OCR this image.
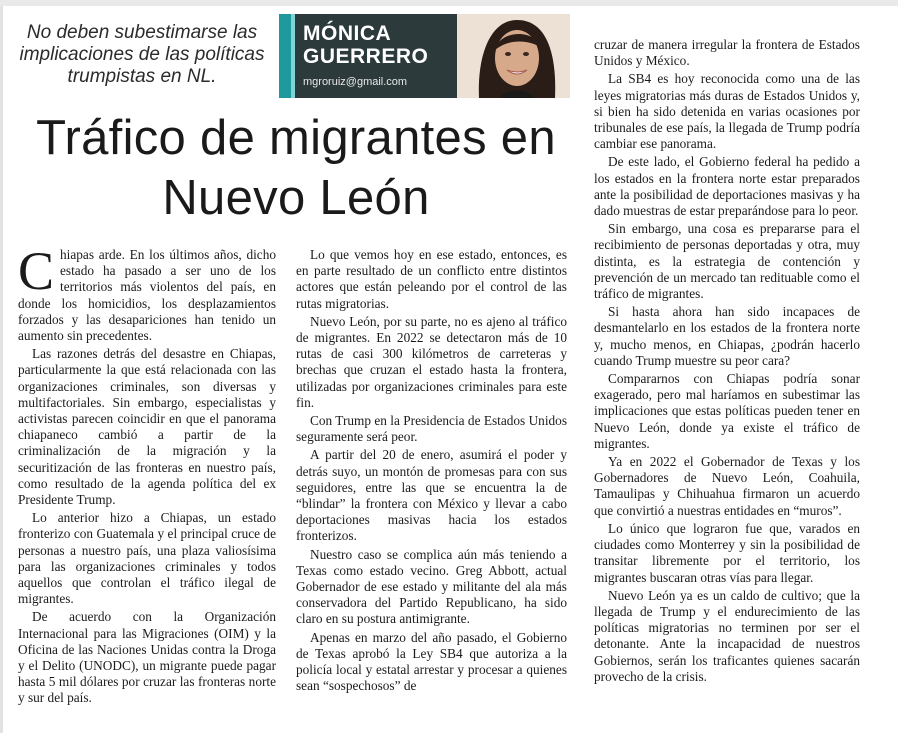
No deben subestimarse las implicaciones de las políticas trumpistas en NL.
MÓNICA GUERRERO
mgroruiz@gmail.com
Tráfico de migrantes en Nuevo León

Chiapas arde. En los últimos años, dicho estado ha pasado a ser uno de los territorios más violentos del país, en donde los homicidios, los desplazamientos forzados y las desapariciones han tenido un aumento sin precedentes.

Las razones detrás del desastre en Chiapas, particularmente la que está relacionada con las organizaciones criminales, son diversas y multifactoriales. Sin embargo, especialistas y activistas parecen coincidir en que el panorama chiapaneco cambió a partir de la criminalización de la migración y la securitización de las fronteras en nuestro país, como resultado de la agenda política del ex Presidente Trump.

Lo anterior hizo a Chiapas, un estado fronterizo con Guatemala y el principal cruce de personas a nuestro país, una plaza valiosísima para las organizaciones criminales y todos aquellos que controlan el tráfico ilegal de migrantes.

De acuerdo con la Organización Internacional para las Migraciones (OIM) y la Oficina de las Naciones Unidas contra la Droga y el Delito (UNODC), un migrante puede pagar hasta 5 mil dólares por cruzar las fronteras norte y sur del país.

Lo que vemos hoy en ese estado, entonces, es en parte resultado de un conflicto entre distintos actores que están peleando por el control de las rutas migratorias.

Nuevo León, por su parte, no es ajeno al tráfico de migrantes. En 2022 se detectaron más de 10 rutas de casi 300 kilómetros de carreteras y brechas que cruzan el estado hasta la frontera, utilizadas por organizaciones criminales para este fin.

Con Trump en la Presidencia de Estados Unidos seguramente será peor.

A partir del 20 de enero, asumirá el poder y detrás suyo, un montón de promesas para con sus seguidores, entre las que se encuentra la de “blindar” la frontera con México y llevar a cabo deportaciones masivas hacia los estados fronterizos.

Nuestro caso se complica aún más teniendo a Texas como estado vecino. Greg Abbott, actual Gobernador de ese estado y militante del ala más conservadora del Partido Republicano, ha sido claro en su postura antimigrante.

Apenas en marzo del año pasado, el Gobierno de Texas aprobó la Ley SB4 que autoriza a la policía local y estatal arrestar y procesar a quienes sean “sospechosos” de

cruzar de manera irregular la frontera de Estados Unidos y México.

La SB4 es hoy reconocida como una de las leyes migratorias más duras de Estados Unidos y, si bien ha sido detenida en varias ocasiones por tribunales de ese país, la llegada de Trump podría cambiar ese panorama.

De este lado, el Gobierno federal ha pedido a los estados en la frontera norte estar preparados ante la posibilidad de deportaciones masivas y ha dado muestras de estar preparándose para lo peor.

Sin embargo, una cosa es prepararse para el recibimiento de personas deportadas y otra, muy distinta, es la estrategia de contención y prevención de un mercado tan redituable como el tráfico de migrantes.

Si hasta ahora han sido incapaces de desmantelarlo en los estados de la frontera norte y, mucho menos, en Chiapas, ¿podrán hacerlo cuando Trump muestre su peor cara?

Compararnos con Chiapas podría sonar exagerado, pero mal haríamos en subestimar las implicaciones que estas políticas pueden tener en Nuevo León, donde ya existe el tráfico de migrantes.

Ya en 2022 el Gobernador de Texas y los Gobernadores de Nuevo León, Coahuila, Tamaulipas y Chihuahua firmaron un acuerdo que convirtió a nuestras entidades en “muros”.

Lo único que lograron fue que, varados en ciudades como Monterrey y sin la posibilidad de transitar libremente por el territorio, los migrantes buscaran otras vías para llegar.

Nuevo León ya es un caldo de cultivo; que la llegada de Trump y el endurecimiento de las políticas migratorias no terminen por ser el detonante. Ante la incapacidad de nuestros Gobiernos, serán los traficantes quienes sacarán provecho de la crisis.
